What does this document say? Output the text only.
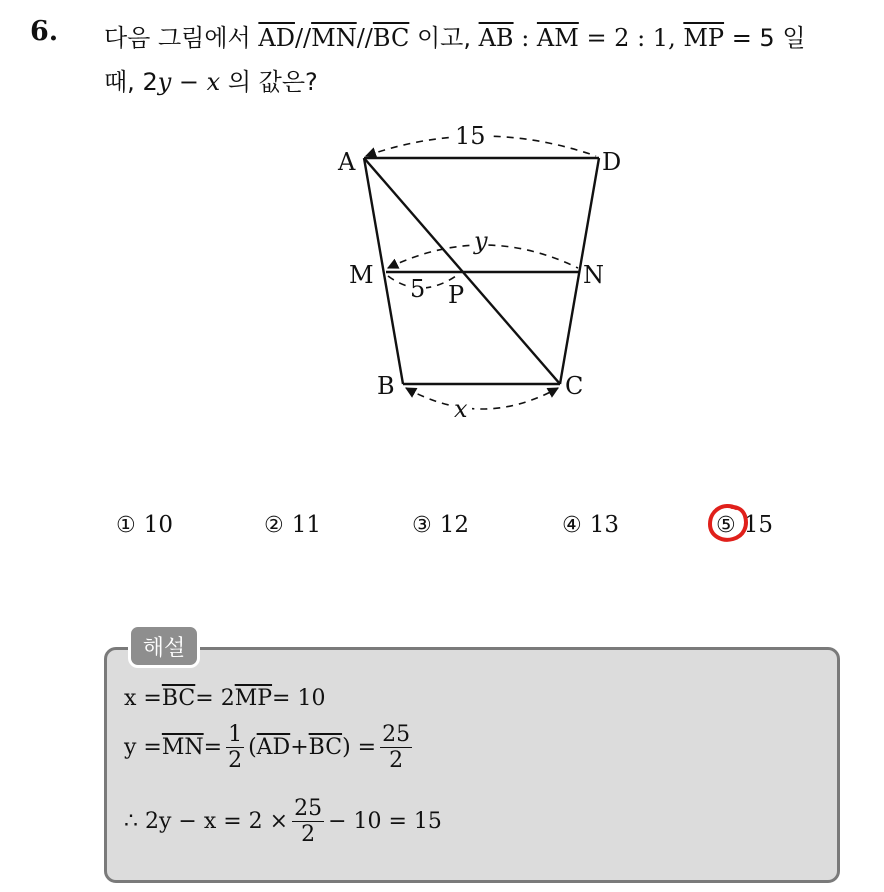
6. 다음 그림에서 $\overline{AD}//\overline{MN}//\overline{BC}$ 이고, $\overline{AB}$ : $\overline{AM} = 2$ : 1, $\overline{MP} = 5$ 일
때, 2y − x 의 값은?
A	D
M	N
P
B	C
15
y
5
x
① 10	② 11	③ 12	④ 13	⑤ 15
해설
$x = \overline{BC} = 2$ $\overline{MP} = 10$
$y = \overline{MN} = \frac{1}{2}$ ( $\overline{AD} + \overline{BC}$ ) = $\frac{25}{2}$
∴ $2y - x = 2 \times \frac{25}{2} - 10 = 15$
